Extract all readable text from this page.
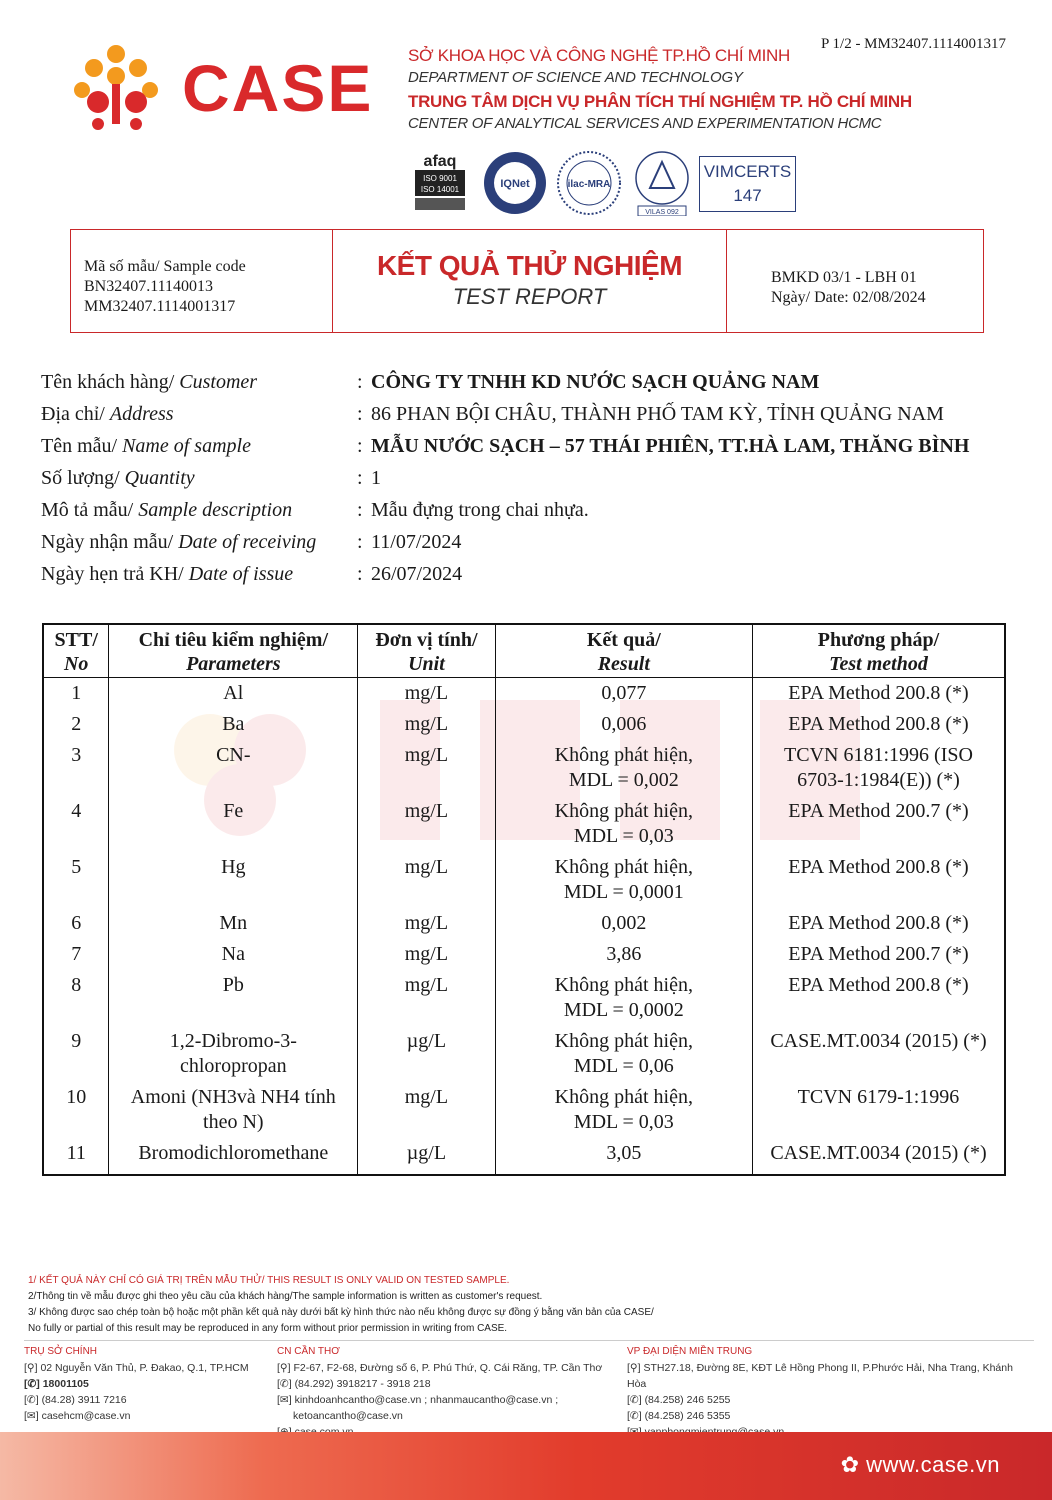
P 1/2 - MM32407.1114001317
CASE SỞ KHOA HỌC VÀ CÔNG NGHỆ TP.HỒ CHÍ MINH
DEPARTMENT OF SCIENCE AND TECHNOLOGY
TRUNG TÂM DỊCH VỤ PHÂN TÍCH THÍ NGHIỆM TP. HỒ CHÍ MINH
CENTER OF ANALYTICAL SERVICES AND EXPERIMENTATION HCMC
afaq
ISO 9001
ISO 14001	IQNet	ilac-MRA
VILAS 092
VIMCERTS
147
Mã số mẫu/ Sample code
BN32407.11140013
MM32407.1114001317
KẾT QUẢ THỬ NGHIỆM
TEST REPORT
BMKD 03/1 - LBH 01
Ngày/ Date: 02/08/2024
Tên khách hàng/ Customer	: CÔNG TY TNHH KD NƯỚC SẠCH QUẢNG NAM
Địa chỉ/ Address	: 86 PHAN BỘI CHÂU, THÀNH PHỐ TAM KỲ, TỈNH QUẢNG NAM
Tên mẫu/ Name of sample	: MẪU NƯỚC SẠCH – 57 THÁI PHIÊN, TT.HÀ LAM, THĂNG BÌNH
Số lượng/ Quantity	: 1
Mô tả mẫu/ Sample description	: Mẫu đựng trong chai nhựa.
Ngày nhận mẫu/ Date of receiving	: 11/07/2024
Ngày hẹn trả KH/ Date of issue	: 26/07/2024
STT/
No	Chỉ tiêu kiểm nghiệm/
Parameters	Đơn vị tính/
Unit	Kết quả/
Result	Phương pháp/
Test method
1	Al	mg/L	0,077	EPA Method 200.8 (*)
2	Ba	mg/L	0,006	EPA Method 200.8 (*)
3	CN-	mg/L	Không phát hiện, MDL = 0,002	TCVN 6181:1996 (ISO 6703-1:1984(E)) (*)
4	Fe	mg/L	Không phát hiện, MDL = 0,03	EPA Method 200.7 (*)
5	Hg	mg/L	Không phát hiện, MDL = 0,0001	EPA Method 200.8 (*)
6	Mn	mg/L	0,002	EPA Method 200.8 (*)
7	Na	mg/L	3,86	EPA Method 200.7 (*)
8	Pb	mg/L	Không phát hiện, MDL = 0,0002	EPA Method 200.8 (*)
9	1,2-Dibromo-3-chloropropan	µg/L	Không phát hiện, MDL = 0,06	CASE.MT.0034 (2015) (*)
10	Amoni (NH3và NH4 tính theo N)	mg/L	Không phát hiện, MDL = 0,03	TCVN 6179-1:1996
11	Bromodichloromethane	µg/L	3,05	CASE.MT.0034 (2015) (*)
1/ KẾT QUẢ NÀY CHỈ CÓ GIÁ TRỊ TRÊN MẪU THỬ/ THIS RESULT IS ONLY VALID ON TESTED SAMPLE.
2/Thông tin về mẫu được ghi theo yêu cầu của khách hàng/The sample information is written as customer's request.
3/ Không được sao chép toàn bộ hoặc một phần kết quả này dưới bất kỳ hình thức nào nếu không được sự đồng ý bằng văn bản của CASE/
No fully or partial of this result may be reproduced in any form without prior permission in writing from CASE.
TRỤ SỞ CHÍNH
[⚲] 02 Nguyễn Văn Thủ, P. Đakao, Q.1, TP.HCM
[✆] 18001105
[✆] (84.28) 3911 7216
[✉] casehcm@case.vn
CN CẦN THƠ
[⚲] F2-67, F2-68, Đường số 6, P. Phú Thứ, Q. Cái Răng, TP. Cần Thơ
[✆] (84.292) 3918217 - 3918 218
[✉] kinhdoanhcantho@case.vn ; nhanmaucantho@case.vn ;
ketoancantho@case.vn
VP ĐẠI DIỆN MIỀN TRUNG
[⚲] STH27.18, Đường 8E, KĐT Lê Hồng Phong II, P.Phước Hải, Nha Trang, Khánh Hòa
[✆] (84.258) 246 5255
[✆] (84.258) 246 5355
✿ www.case.vn
